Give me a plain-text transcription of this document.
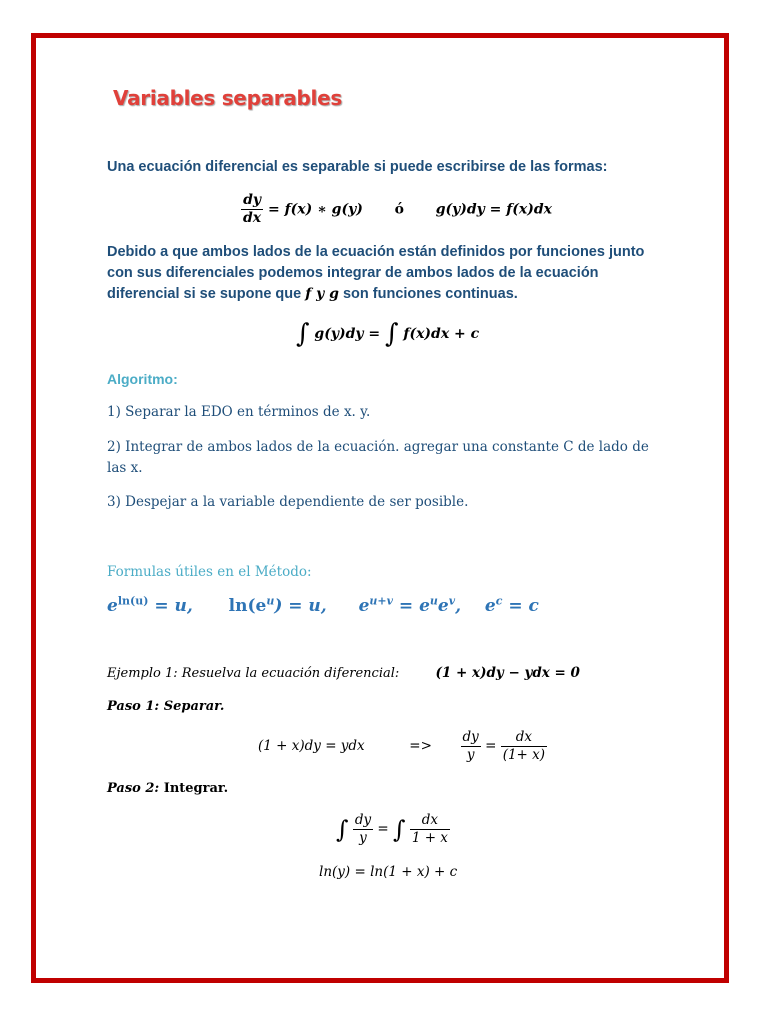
Variables separables
Una ecuación diferencial es separable si puede escribirse de las formas:
$\frac{dy}{dx} = f(x)$ ∗ g(y) ó g(y)dy = f(x)dx
Debido a que ambos lados de la ecuación están definidos por funciones junto con sus diferenciales podemos integrar de ambos lados de la ecuación diferencial si se supone que f y g son funciones continuas.
∫ g(y)dy = ∫ f(x)dx + c
Algoritmo:
1) Separar la EDO en términos de x. y.
2) Integrar de ambos lados de la ecuación. agregar una constante C de lado de las x.
3) Despejar a la variable dependiente de ser posible.
Formulas útiles en el Método:
$e^{ln(u)} = u$, $\ln(e^u) = u$, $e^{u+v} = e^ue^v$, $e^c = c$
Ejemplo 1: Resuelva la ecuación diferencial:	(1 + x)dy − ydx = 0
Paso 1: Separar.
(1 + x)dy = ydx	=> $\frac{dy}{y} = \frac{dx}{(1+ x)}$
Paso 2: Integrar.
∫ $\frac{dy}{y}$ = ∫ $\frac{dx}{1 + x}$
ln(y) = ln(1 + x) + c
